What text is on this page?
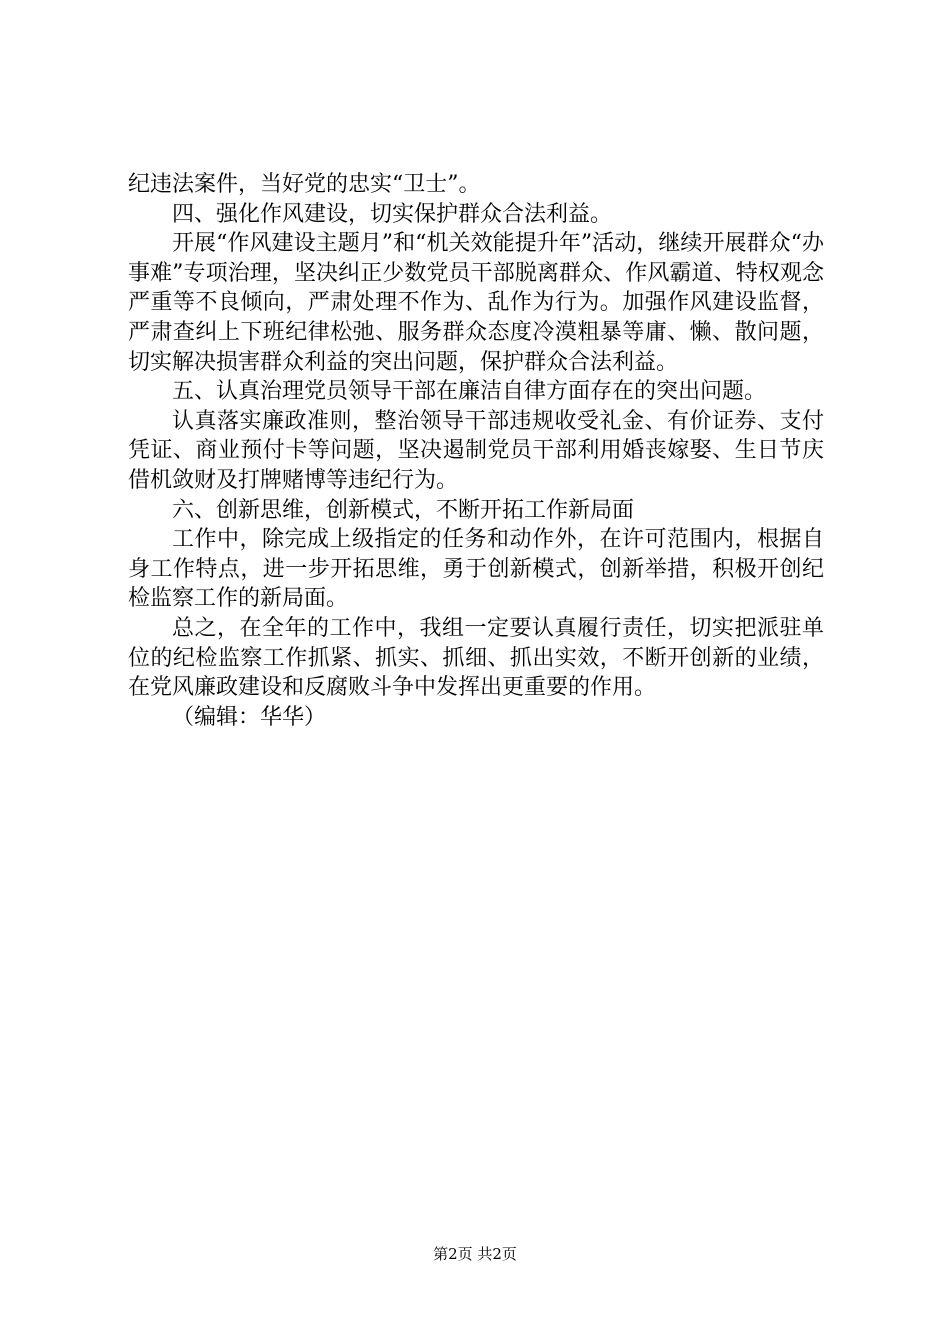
纪违法案件，当好党的忠实“卫士”。

四、强化作风建设，切实保护群众合法利益。

开展“作风建设主题月”和“机关效能提升年”活动，继续开展群众“办事难”专项治理，坚决纠正少数党员干部脱离群众、作风霸道、特权观念严重等不良倾向，严肃处理不作为、乱作为行为。加强作风建设监督，严肃查纠上下班纪律松弛、服务群众态度冷漠粗暴等庸、懒、散问题，切实解决损害群众利益的突出问题，保护群众合法利益。

五、认真治理党员领导干部在廉洁自律方面存在的突出问题。

认真落实廉政准则，整治领导干部违规收受礼金、有价证券、支付凭证、商业预付卡等问题，坚决遏制党员干部利用婚丧嫁娶、生日节庆借机敛财及打牌赌博等违纪行为。

六、创新思维，创新模式，不断开拓工作新局面

工作中，除完成上级指定的任务和动作外，在许可范围内，根据自身工作特点，进一步开拓思维，勇于创新模式，创新举措，积极开创纪检监察工作的新局面。

总之，在全年的工作中，我组一定要认真履行责任，切实把派驻单位的纪检监察工作抓紧、抓实、抓细、抓出实效，不断开创新的业绩，在党风廉政建设和反腐败斗争中发挥出更重要的作用。

（编辑：华华）

第2页 共2页
